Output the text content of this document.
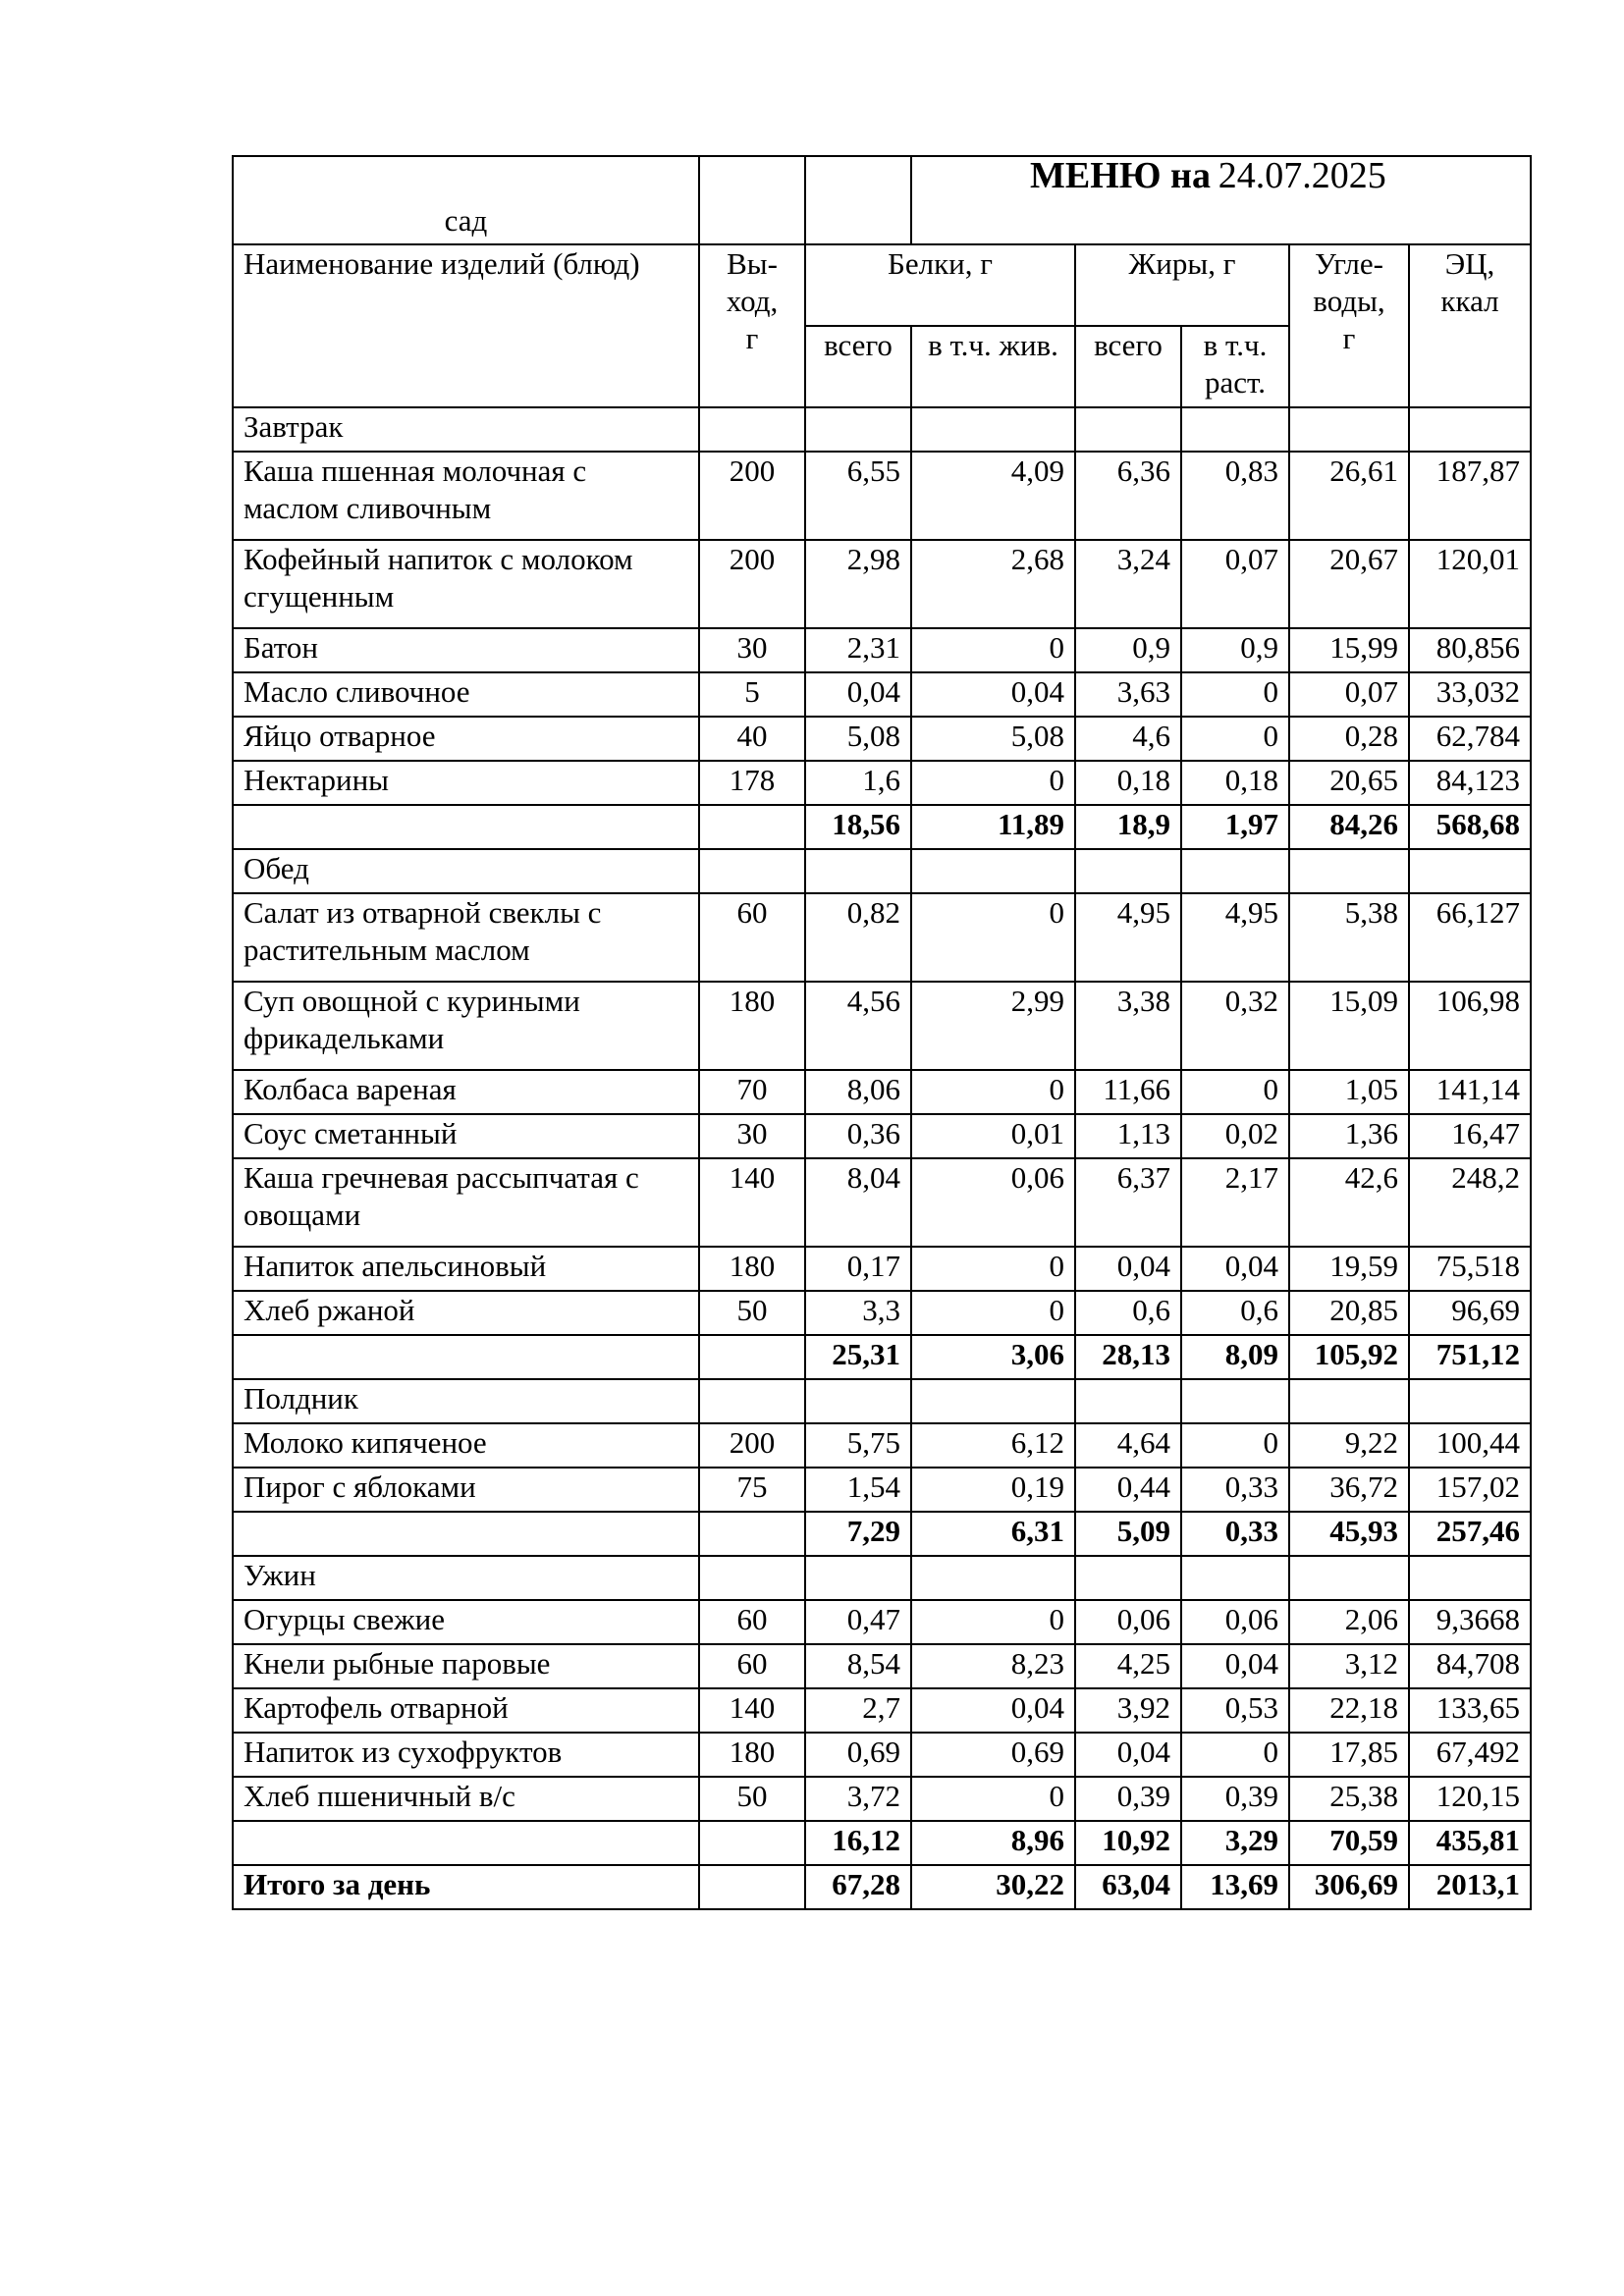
сад			МЕНЮ на 24.07.2025				
Наименование изделий (блюд)	Вы-ход, г	Белки, г		Жиры, г		Угле-воды, г	ЭЦ, ккал
		всего	в т.ч. жив.	всего	в т.ч. раст.		
Завтрак							
Каша пшенная молочная с маслом сливочным	200	6,55	4,09	6,36	0,83	26,61	187,87
Кофейный напиток с молоком сгущенным	200	2,98	2,68	3,24	0,07	20,67	120,01
Батон	30	2,31	0	0,9	0,9	15,99	80,856
Масло сливочное	5	0,04	0,04	3,63	0	0,07	33,032
Яйцо отварное	40	5,08	5,08	4,6	0	0,28	62,784
Нектарины	178	1,6	0	0,18	0,18	20,65	84,123
		18,56	11,89	18,9	1,97	84,26	568,68
Обед							
Салат из отварной свеклы с растительным маслом	60	0,82	0	4,95	4,95	5,38	66,127
Суп овощной с куриными фрикадельками	180	4,56	2,99	3,38	0,32	15,09	106,98
Колбаса вареная	70	8,06	0	11,66	0	1,05	141,14
Соус сметанный	30	0,36	0,01	1,13	0,02	1,36	16,47
Каша гречневая рассыпчатая с овощами	140	8,04	0,06	6,37	2,17	42,6	248,2
Напиток апельсиновый	180	0,17	0	0,04	0,04	19,59	75,518
Хлеб ржаной	50	3,3	0	0,6	0,6	20,85	96,69
		25,31	3,06	28,13	8,09	105,92	751,12
Полдник							
Молоко кипяченое	200	5,75	6,12	4,64	0	9,22	100,44
Пирог с яблоками	75	1,54	0,19	0,44	0,33	36,72	157,02
		7,29	6,31	5,09	0,33	45,93	257,46
Ужин							
Огурцы свежие	60	0,47	0	0,06	0,06	2,06	9,3668
Кнели рыбные паровые	60	8,54	8,23	4,25	0,04	3,12	84,708
Картофель отварной	140	2,7	0,04	3,92	0,53	22,18	133,65
Напиток из сухофруктов	180	0,69	0,69	0,04	0	17,85	67,492
Хлеб пшеничный в/с	50	3,72	0	0,39	0,39	25,38	120,15
		16,12	8,96	10,92	3,29	70,59	435,81
Итого за день		67,28	30,22	63,04	13,69	306,69	2013,1
